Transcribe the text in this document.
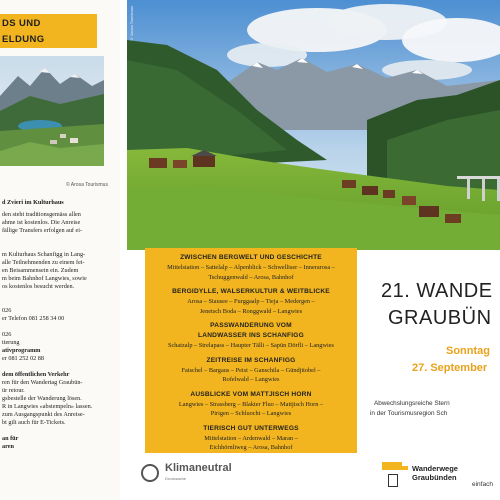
DS UND
ELDUNG
© Arosa Tourismus
d Zvieri im Kulturhaus
den steht traditionsgemäss allen
ahme ist kostenlos. Die Anreise
fällige Transfers erfolgen auf ei-
m Kulturhaus Schanfigg in Lang-
alle Teilnehmenden zu einem fei-
en Beisammensein ein. Zudem
m beim Bahnhof Langwies, sowie
os kostenlos besucht werden.
026
er Telefon 081 258 34 00
026
tterung
ativprogramm
er 081 252 02 88
dem öffentlichen Verkehr
ren für den Wandertag Graubün-
ür retour.
gsbestelle der Wanderung lösen.
R in Langwies «abstempeln» lassen.
zum Ausgangspunkt des Anreise-
bt gilt auch für E-Tickets.
an für
aren
Klimaneutral
Drucksache
© Arosa Tourismus
ZWISCHEN BERGWELT UND GESCHICHTE
Mittelstation – Sattelalp – Alpenblick – Schwelliser – Innerarosa –
Tschuggenwald – Arosa, Bahnhof
BERGIDYLLE, WALSERKULTUR & WEITBLICKE
Arosa – Stausee – Furggaalp – Tieja – Medergen –
Jenetsch Boda – Ronggwald – Langwies
PASSWANDERUNG VOM
LANDWASSER INS SCHANFIGG
Schatzalp – Strelapass – Haupter Tälli – Sapün Dörfli – Langwies
ZEITREISE IM SCHANFIGG
Fatschel – Bargaus – Peist – Ganschila – Gündjitobel –
Rofelwald – Langwies
AUSBLICKE VOM MATTJISCH HORN
Langwies – Strassberg – Blakter Fluo – Mattjisch Horn –
Pirigen – Schluocht – Langwies
TIERISCH GUT UNTERWEGS
Mittelstation – Ardenwald – Maran –
Eichhörnliweg – Arosa, Bahnhof
21. WANDE
GRAUBÜN
Sonntag
27. September
Abwechslungsreiche Stern
in der Tourismusregion Sch
Wanderwege
Graubünden
einfach
